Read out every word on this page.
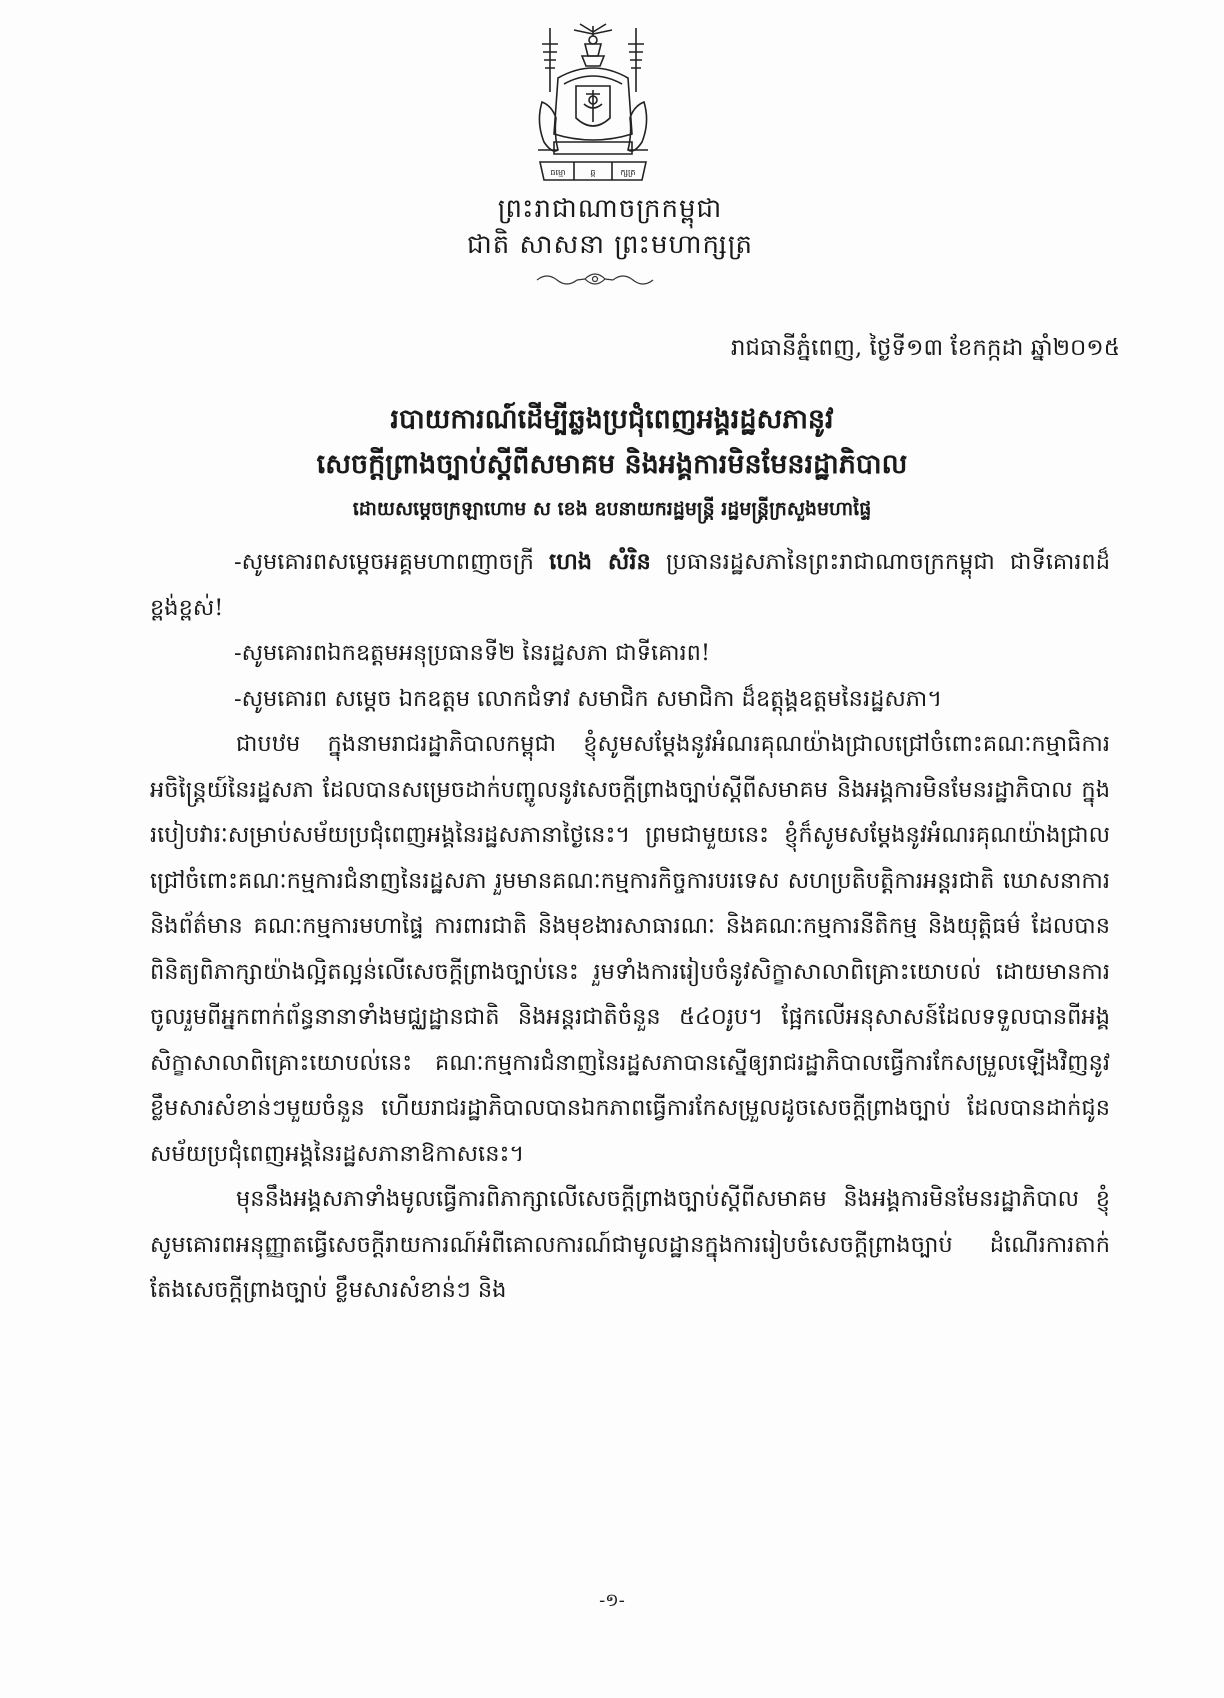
ធម្មោ	ឆ្ព	ក្សត្រ
ព្រះរាជាណាចក្រកម្ពុជា
ជាតិ សាសនា ព្រះមហាក្សត្រ
រាជធានីភ្នំពេញ, ថ្ងៃទី១៣ ខែកក្កដា ឆ្នាំ២០១៥
របាយការណ៍ដើម្បីឆ្លងប្រជុំពេញអង្គរដ្ឋសភានូវ
សេចក្តីព្រាងច្បាប់ស្តីពីសមាគម និងអង្គការមិនមែនរដ្ឋាភិបាល
ដោយសម្តេចក្រឡាហោម ស ខេង ឧបនាយករដ្ឋមន្ត្រី រដ្ឋមន្ត្រីក្រសួងមហាផ្ទៃ

-សូមគោរពសម្តេចអគ្គមហាពញាចក្រី ហេង សំរិន ប្រធានរដ្ឋសភានៃព្រះរាជាណាចក្រកម្ពុជា ជាទីគោរពដ៏ខ្ពង់ខ្ពស់!

-សូមគោរពឯកឧត្តមអនុប្រធានទី២ នៃរដ្ឋសភា ជាទីគោរព!

-សូមគោរព សម្តេច ឯកឧត្តម លោកជំទាវ សមាជិក សមាជិកា ដ៏ឧត្តុង្គឧត្តមនៃរដ្ឋសភា។

ជាបឋម ក្នុងនាមរាជរដ្ឋាភិបាលកម្ពុជា ខ្ញុំសូមសម្តែងនូវអំណរគុណយ៉ាងជ្រាលជ្រៅចំពោះគណៈកម្មាធិការអចិន្ត្រៃយ៍នៃរដ្ឋសភា ដែលបានសម្រេចដាក់បញ្ចូលនូវសេចក្តីព្រាងច្បាប់ស្តីពីសមាគម និងអង្គការមិនមែនរដ្ឋាភិបាល ក្នុងរបៀបវារៈសម្រាប់សម័យប្រជុំពេញអង្គនៃរដ្ឋសភានាថ្ងៃនេះ។ ព្រមជាមួយនេះ ខ្ញុំក៏សូមសម្តែងនូវអំណរគុណយ៉ាងជ្រាលជ្រៅចំពោះគណៈកម្មការជំនាញនៃរដ្ឋសភា រួមមានគណៈកម្មការកិច្ចការបរទេស សហប្រតិបត្តិការអន្តរជាតិ ឃោសនាការ និងព័ត៌មាន គណៈកម្មការមហាផ្ទៃ ការពារជាតិ និងមុខងារសាធារណៈ និងគណៈកម្មការនីតិកម្ម និងយុត្តិធម៌ ដែលបានពិនិត្យពិភាក្សាយ៉ាងល្អិតល្អន់លើសេចក្តីព្រាងច្បាប់នេះ រួមទាំងការរៀបចំនូវសិក្ខាសាលាពិគ្រោះយោបល់ ដោយមានការចូលរួមពីអ្នកពាក់ព័ន្ធនានាទាំងមជ្ឈដ្ឋានជាតិ និងអន្តរជាតិចំនួន ៥៤០រូប។ ផ្អែកលើអនុសាសន៍ដែលទទួលបានពីអង្គសិក្ខាសាលាពិគ្រោះយោបល់នេះ គណៈកម្មការជំនាញនៃរដ្ឋសភាបានស្នើឲ្យរាជរដ្ឋាភិបាលធ្វើការកែសម្រួលឡើងវិញនូវខ្លឹមសារសំខាន់ៗមួយចំនួន ហើយរាជរដ្ឋាភិបាលបានឯកភាពធ្វើការកែសម្រួលដូចសេចក្តីព្រាងច្បាប់ ដែលបានដាក់ជូនសម័យប្រជុំពេញអង្គនៃរដ្ឋសភានាឱកាសនេះ។

មុននឹងអង្គសភាទាំងមូលធ្វើការពិភាក្សាលើសេចក្តីព្រាងច្បាប់ស្តីពីសមាគម និងអង្គការមិនមែនរដ្ឋាភិបាល ខ្ញុំសូមគោរពអនុញ្ញាតធ្វើសេចក្តីរាយការណ៍អំពីគោលការណ៍ជាមូលដ្ឋានក្នុងការរៀបចំសេចក្តីព្រាងច្បាប់ ដំណើរការតាក់តែងសេចក្តីព្រាងច្បាប់ ខ្លឹមសារសំខាន់ៗ និង

-១-
